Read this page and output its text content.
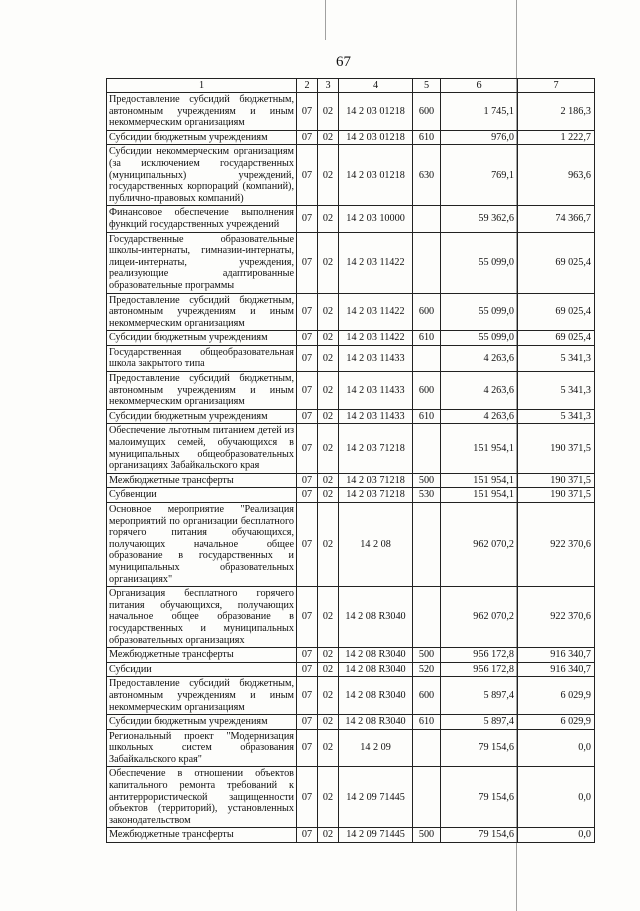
67
1	2	3	4	5	6	7
Предоставление субсидий бюджетным, автономным учреждениям и иным некоммерческим организациям	07	02	14 2 03 01218	600	1 745,1	2 186,3
Субсидии бюджетным учреждениям	07	02	14 2 03 01218	610	976,0	1 222,7
Субсидии некоммерческим организациям (за исключением государственных (муниципальных) учреждений, государственных корпораций (компаний), публично-правовых компаний)	07	02	14 2 03 01218	630	769,1	963,6
Финансовое обеспечение выполнения функций государственных учреждений	07	02	14 2 03 10000		59 362,6	74 366,7
Государственные образовательные школы-интернаты, гимназии-интернаты, лицеи-интернаты, учреждения, реализующие адаптированные образовательные программы	07	02	14 2 03 11422		55 099,0	69 025,4
Предоставление субсидий бюджетным, автономным учреждениям и иным некоммерческим организациям	07	02	14 2 03 11422	600	55 099,0	69 025,4
Субсидии бюджетным учреждениям	07	02	14 2 03 11422	610	55 099,0	69 025,4
Государственная общеобразовательная школа закрытого типа	07	02	14 2 03 11433		4 263,6	5 341,3
Предоставление субсидий бюджетным, автономным учреждениям и иным некоммерческим организациям	07	02	14 2 03 11433	600	4 263,6	5 341,3
Субсидии бюджетным учреждениям	07	02	14 2 03 11433	610	4 263,6	5 341,3
Обеспечение льготным питанием детей из малоимущих семей, обучающихся в муниципальных общеобразовательных организациях Забайкальского края	07	02	14 2 03 71218		151 954,1	190 371,5
Межбюджетные трансферты	07	02	14 2 03 71218	500	151 954,1	190 371,5
Субвенции	07	02	14 2 03 71218	530	151 954,1	190 371,5
Основное мероприятие "Реализация мероприятий по организации бесплатного горячего питания обучающихся, получающих начальное общее образование в государственных и муниципальных образовательных организациях"	07	02	14 2 08		962 070,2	922 370,6
Организация бесплатного горячего питания обучающихся, получающих начальное общее образование в государственных и муниципальных образовательных организациях	07	02	14 2 08 R3040		962 070,2	922 370,6
Межбюджетные трансферты	07	02	14 2 08 R3040	500	956 172,8	916 340,7
Субсидии	07	02	14 2 08 R3040	520	956 172,8	916 340,7
Предоставление субсидий бюджетным, автономным учреждениям и иным некоммерческим организациям	07	02	14 2 08 R3040	600	5 897,4	6 029,9
Субсидии бюджетным учреждениям	07	02	14 2 08 R3040	610	5 897,4	6 029,9
Региональный проект "Модернизация школьных систем образования Забайкальского края"	07	02	14 2 09		79 154,6	0,0
Обеспечение в отношении объектов капитального ремонта требований к антитеррористической защищенности объектов (территорий), установленных законодательством	07	02	14 2 09 71445		79 154,6	0,0
Межбюджетные трансферты	07	02	14 2 09 71445	500	79 154,6	0,0
